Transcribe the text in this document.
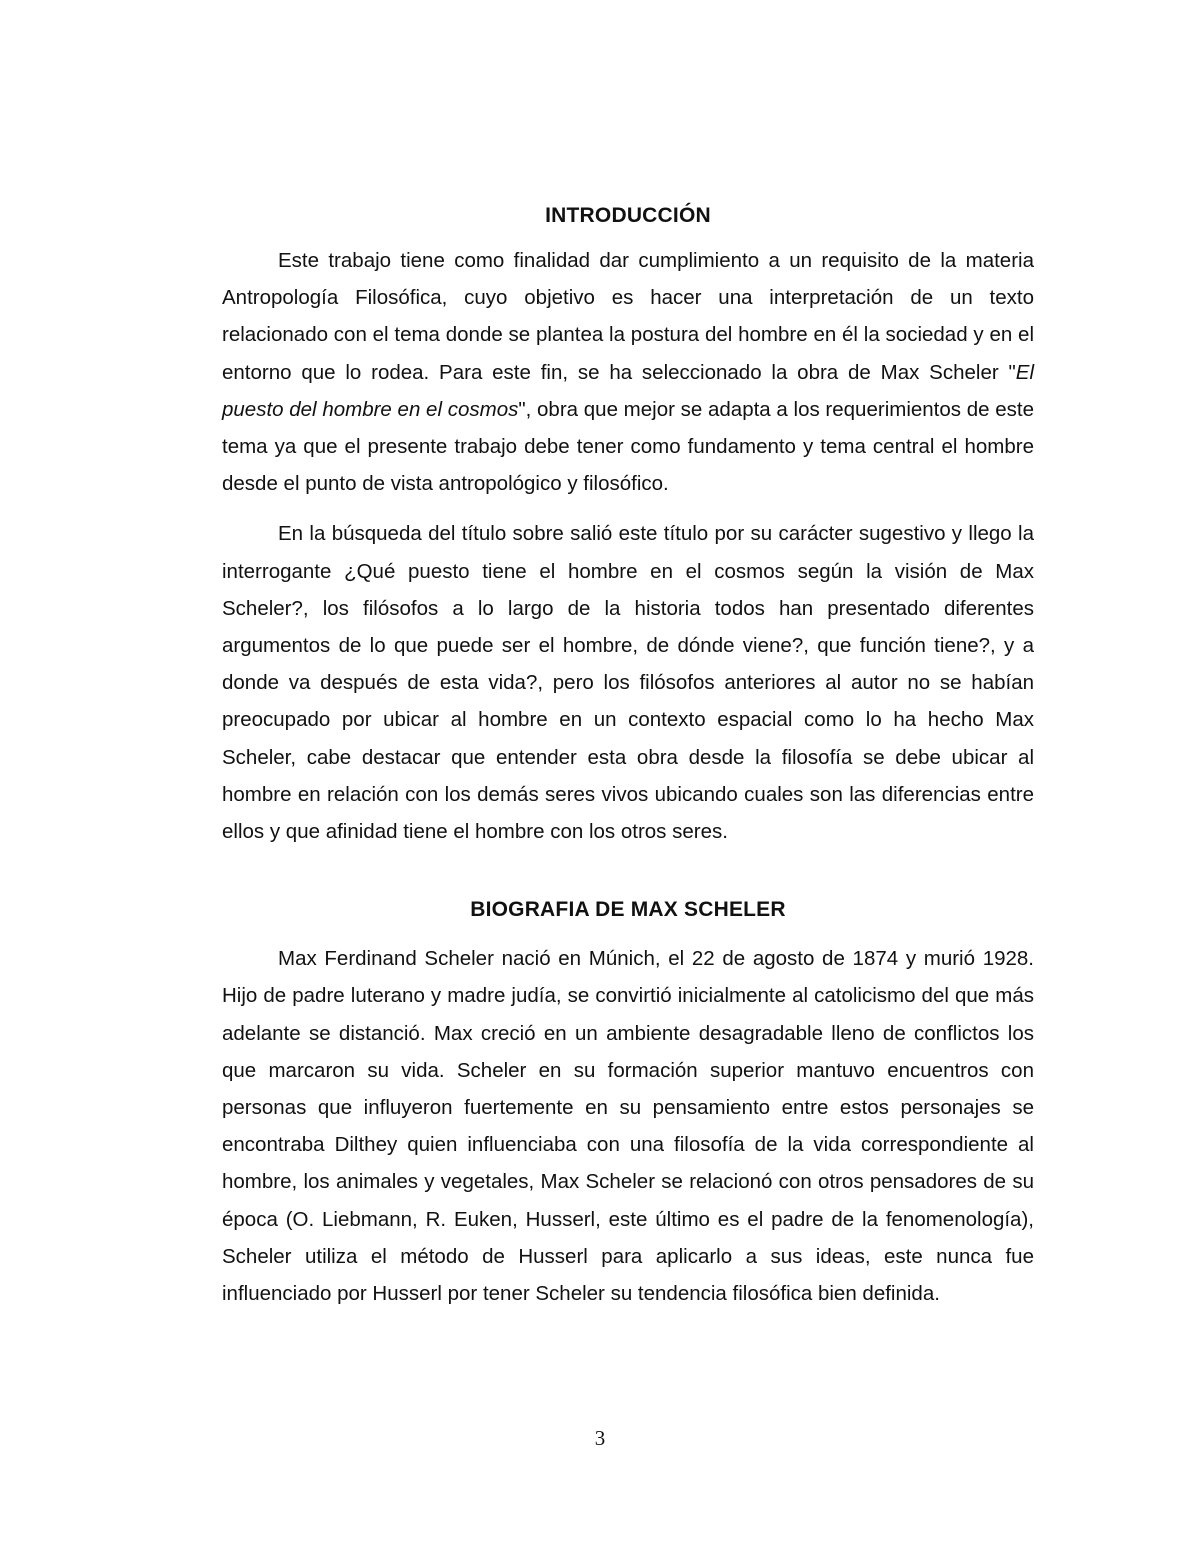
INTRODUCCIÓN

Este trabajo tiene como finalidad dar cumplimiento a un requisito de la materia Antropología Filosófica, cuyo objetivo es hacer una interpretación de un texto relacionado con el tema donde se plantea la postura del hombre en él la sociedad y en el entorno que lo rodea. Para este fin, se ha seleccionado la obra de Max Scheler "El puesto del hombre en el cosmos", obra que mejor se adapta a los requerimientos de este tema ya que el presente trabajo debe tener como fundamento y tema central el hombre desde el punto de vista antropológico y filosófico.

En la búsqueda del título sobre salió este título por su carácter sugestivo y llego la interrogante ¿Qué puesto tiene el hombre en el cosmos según la visión de Max Scheler?, los filósofos a lo largo de la historia todos han presentado diferentes argumentos de lo que puede ser el hombre, de dónde viene?, que función tiene?, y a donde va después de esta vida?, pero los filósofos anteriores al autor no se habían preocupado por ubicar al hombre en un contexto espacial como lo ha hecho Max Scheler, cabe destacar que entender esta obra desde la filosofía se debe ubicar al hombre en relación con los demás seres vivos ubicando cuales son las diferencias entre ellos y que afinidad tiene el hombre con los otros seres.

BIOGRAFIA DE MAX SCHELER

Max Ferdinand Scheler nació en Múnich, el 22 de agosto de 1874 y murió 1928. Hijo de padre luterano y madre judía, se convirtió inicialmente al catolicismo del que más adelante se distanció. Max creció en un ambiente desagradable lleno de conflictos los que marcaron su vida. Scheler en su formación superior mantuvo encuentros con personas que influyeron fuertemente en su pensamiento entre estos personajes se encontraba Dilthey quien influenciaba con una filosofía de la vida correspondiente al hombre, los animales y vegetales, Max Scheler se relacionó con otros pensadores de su época (O. Liebmann, R. Euken, Husserl, este último es el padre de la fenomenología), Scheler utiliza el método de Husserl para aplicarlo a sus ideas, este nunca fue influenciado por Husserl por tener Scheler su tendencia filosófica bien definida.

3
